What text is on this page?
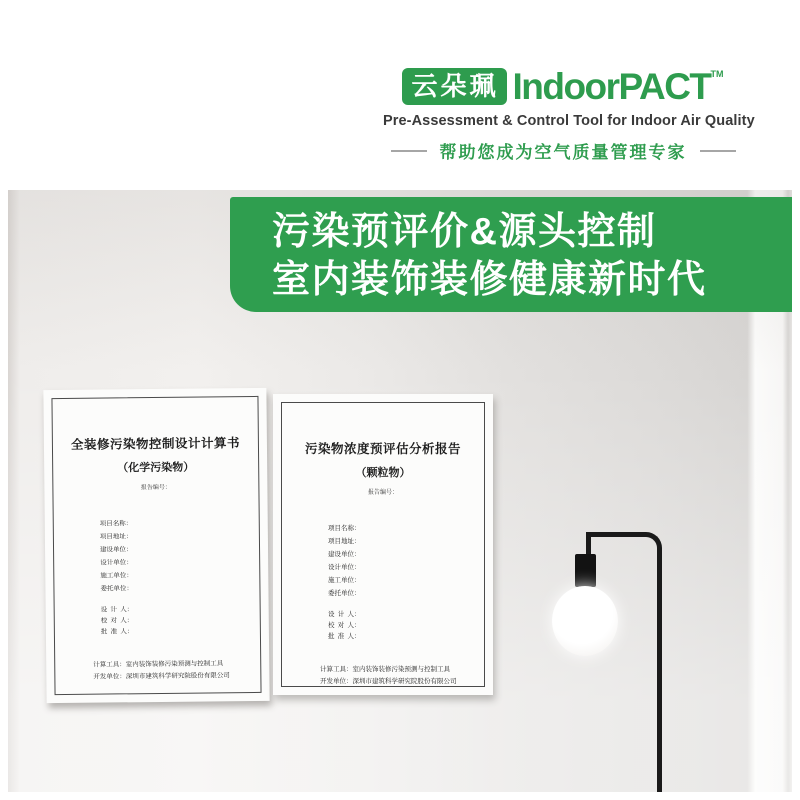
云朵珮 IndoorPACT TM
Pre-Assessment & Control Tool for Indoor Air Quality
帮助您成为空气质量管理专家
污染预评价&源头控制
室内装饰装修健康新时代
全装修污染物控制设计计算书
（化学污染物）
报告编号：
项目名称：
项目地址：
建设单位：
设计单位：
施工单位：
委托单位：
设  计  人：
校  对  人：
批  准  人：
计算工具：室内装饰装修污染预测与控制工具
开发单位：深圳市建筑科学研究院股份有限公司
污染物浓度预评估分析报告
（颗粒物）
报告编号：
项目名称：
项目地址：
建设单位：
设计单位：
施工单位：
委托单位：
设  计  人：
校  对  人：
批  准  人：
计算工具：室内装饰装修污染预测与控制工具
开发单位：深圳市建筑科学研究院股份有限公司
